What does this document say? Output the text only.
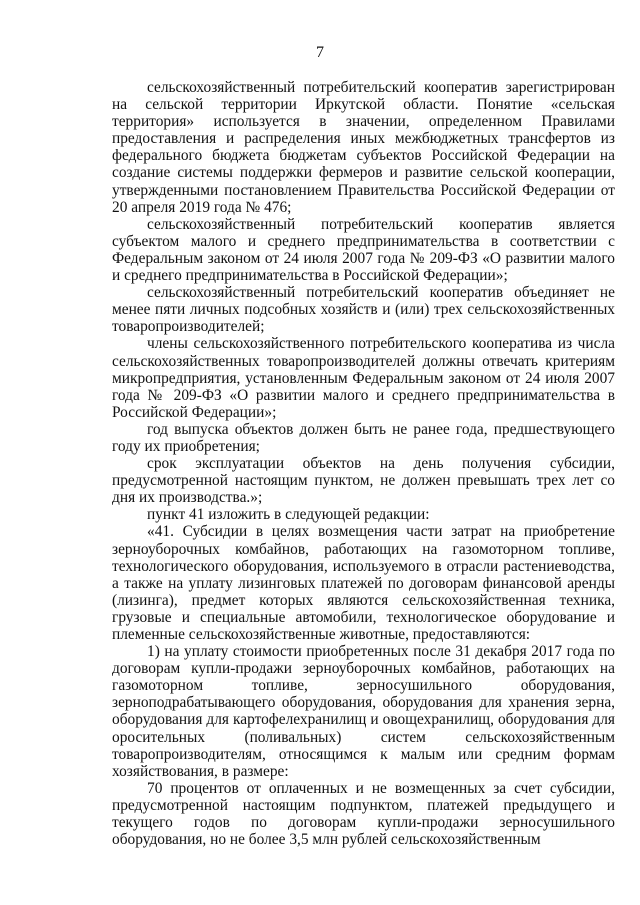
7

сельскохозяйственный потребительский кооператив зарегистрирован на сельской территории Иркутской области. Понятие «сельская территория» используется в значении, определенном Правилами предоставления и распределения иных межбюджетных трансфертов из федерального бюджета бюджетам субъектов Российской Федерации на создание системы поддержки фермеров и развитие сельской кооперации, утвержденными постановлением Правительства Российской Федерации от 20 апреля 2019 года № 476;

сельскохозяйственный потребительский кооператив является субъектом малого и среднего предпринимательства в соответствии с Федеральным законом от 24 июля 2007 года № 209-ФЗ «О развитии малого и среднего предпринимательства в Российской Федерации»;

сельскохозяйственный потребительский кооператив объединяет не менее пяти личных подсобных хозяйств и (или) трех сельскохозяйственных товаропроизводителей;

члены сельскохозяйственного потребительского кооператива из числа сельскохозяйственных товаропроизводителей должны отвечать критериям микропредприятия, установленным Федеральным законом от 24 июля 2007 года № 209-ФЗ «О развитии малого и среднего предпринимательства в Российской Федерации»;

год выпуска объектов должен быть не ранее года, предшествующего году их приобретения;

срок эксплуатации объектов на день получения субсидии, предусмотренной настоящим пунктом, не должен превышать трех лет со дня их производства.»;

пункт 41 изложить в следующей редакции:

«41. Субсидии в целях возмещения части затрат на приобретение зерноуборочных комбайнов, работающих на газомоторном топливе, технологического оборудования, используемого в отрасли растениеводства, а также на уплату лизинговых платежей по договорам финансовой аренды (лизинга), предмет которых являются сельскохозяйственная техника, грузовые и специальные автомобили, технологическое оборудование и племенные сельскохозяйственные животные, предоставляются:

1) на уплату стоимости приобретенных после 31 декабря 2017 года по договорам купли-продажи зерноуборочных комбайнов, работающих на газомоторном топливе, зерносушильного оборудования, зерноподрабатывающего оборудования, оборудования для хранения зерна, оборудования для картофелехранилищ и овощехранилищ, оборудования для оросительных (поливальных) систем сельскохозяйственным товаропроизводителям, относящимся к малым или средним формам хозяйствования, в размере:

70 процентов от оплаченных и не возмещенных за счет субсидии, предусмотренной настоящим подпунктом, платежей предыдущего и текущего годов по договорам купли-продажи зерносушильного оборудования, но не более 3,5 млн рублей сельскохозяйственным
